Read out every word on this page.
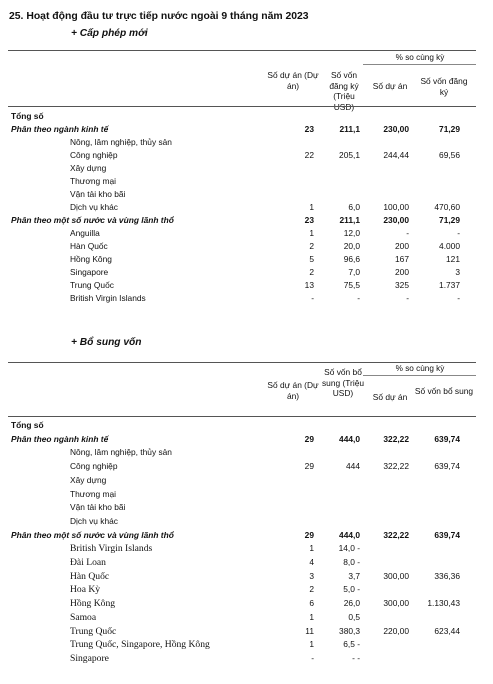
25. Hoạt động đầu tư trực tiếp nước ngoài 9 tháng năm 2023
+ Cấp phép mới
% so cùng kỳ
Số dự án (Dự án)
Số vốn đăng ký (Triệu USD)
Số dự án	Số vốn đăng ký
Tổng số
Phân theo ngành kinh tế	23	211,1	230,00	71,29
Nông, lâm nghiệp, thủy sản
Công nghiệp	22	205,1	244,44	69,56
Xây dựng
Thương mại
Vận tải kho bãi
Dịch vụ khác	1	6,0	100,00	470,60
Phân theo một số nước và vùng lãnh thổ	23	211,1	230,00	71,29
Anguilla	1	12,0	-	-
Hàn Quốc	2	20,0	200	4.000
Hồng Kông	5	96,6	167	121
Singapore	2	7,0	200	3
Trung Quốc	13	75,5	325	1.737
British Virgin Islands	-	-	-	-
+ Bổ sung vốn
% so cùng kỳ
Số dự án (Dự án)
Số vốn bổ sung (Triệu USD)	Số dự án
Số vốn bổ sung
Tổng số
Phân theo ngành kinh tế	29	444,0	322,22	639,74
Nông, lâm nghiệp, thủy sản
Công nghiệp	29	444	322,22	639,74
Xây dựng
Thương mại
Vận tải kho bãi
Dịch vụ khác
Phân theo một số nước và vùng lãnh thổ	29	444,0	322,22	639,74
British Virgin Islands	1	14,0 -
Đài Loan	4	8,0 -
Hàn Quốc	3	3,7	300,00	336,36
Hoa Kỳ	2	5,0 -
Hồng Kông	6	26,0	300,00 1.130,43
Samoa	1	0,5
Trung Quốc	11	380,3	220,00	623,44
Trung Quốc, Singapore, Hồng Kông	1	6,5 -
Singapore	-	- -
